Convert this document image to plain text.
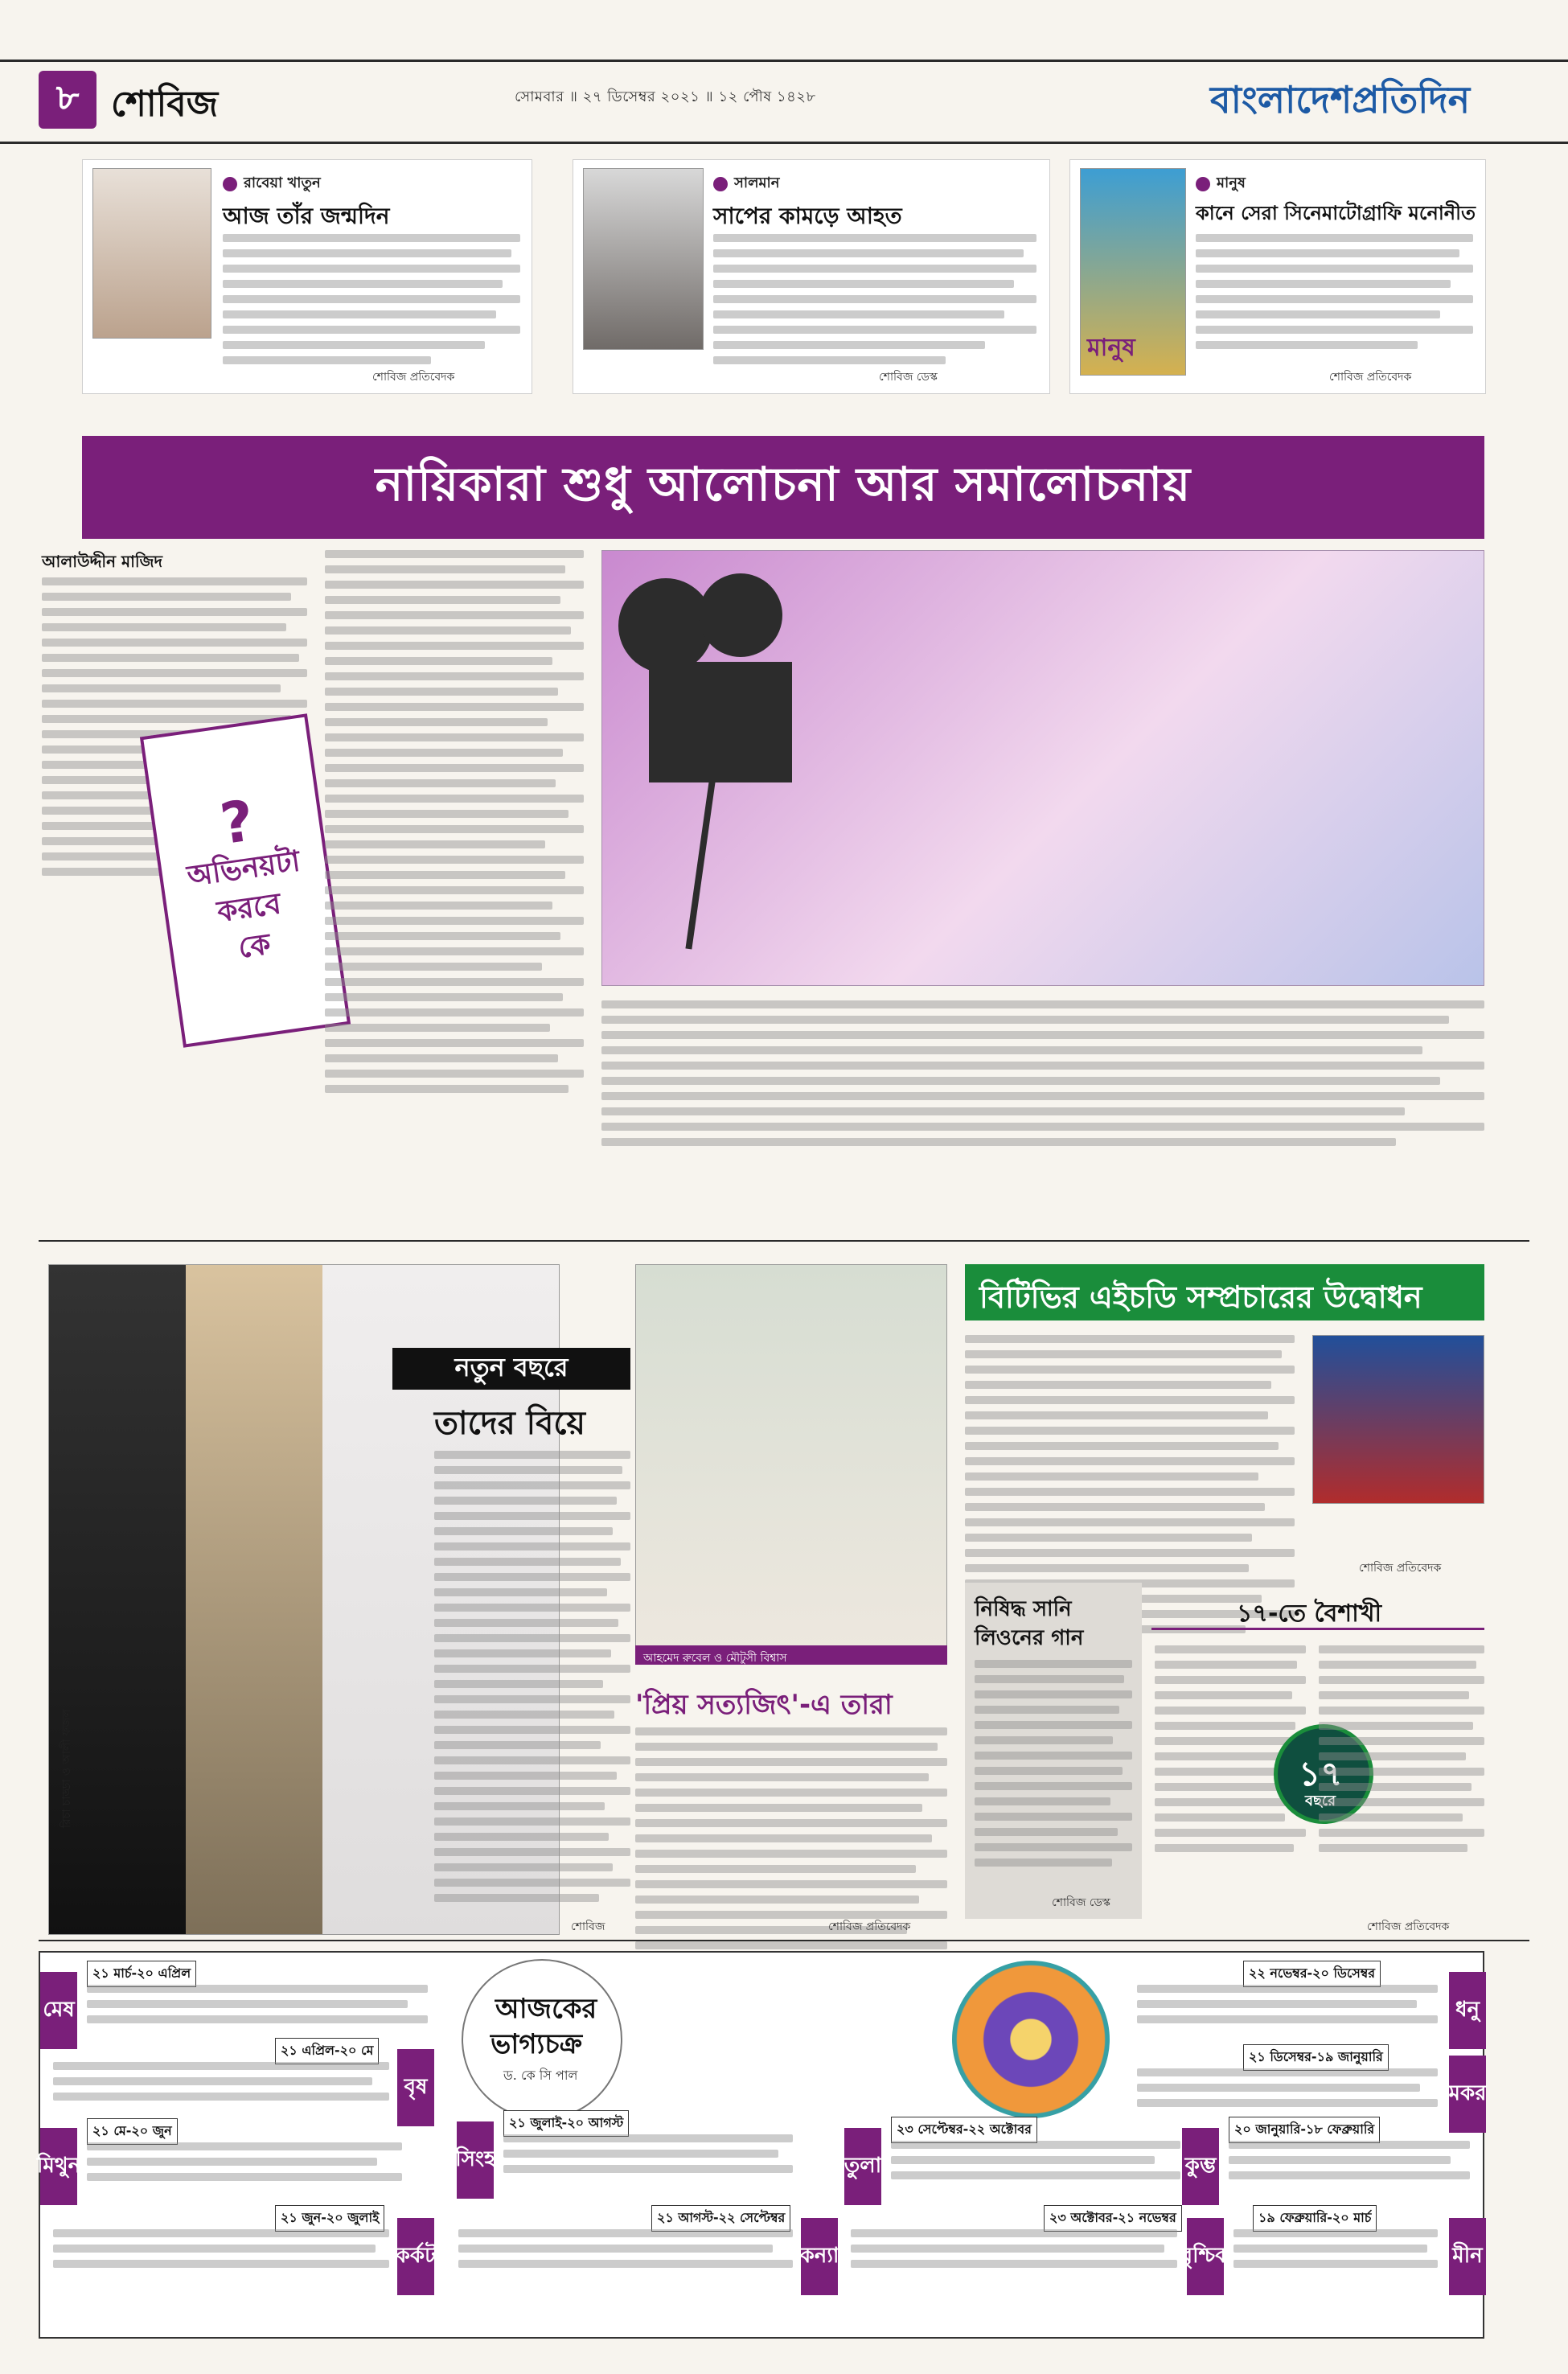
৮ শোবিজ	সোমবার ॥ ২৭ ডিসেম্বর ২০২১ ॥ ১২ পৌষ ১৪২৮	বাংলাদেশপ্রতিদিন
রাবেয়া খাতুন
আজ তাঁর জন্মদিন
শোবিজ প্রতিবেদক
সালমান
সাপের কামড়ে আহত
শোবিজ ডেস্ক
মানুষ
মানুষ
কানে সেরা সিনেমাটোগ্রাফি মনোনীত
শোবিজ প্রতিবেদক
নায়িকারা শুধু আলোচনা আর সমালোচনায়
আলাউদ্দীন মাজিদ
?
অভিনয়টা
করবে
কে
রিচা চাড্ডা ও আলী ফজল
নতুন বছরে
তাদের বিয়ে
শোবিজ
আহমেদ রুবেল ও মৌটুসী বিশ্বাস
'প্রিয় সত্যজিৎ'-এ তারা
শোবিজ প্রতিবেদক
বিটিভির এইচডি সম্প্রচারের উদ্বোধন
শোবিজ প্রতিবেদক
নিষিদ্ধ সানি
লিওনের গান
শোবিজ ডেস্ক
১৭-তে বৈশাখী
১৭
বছরে
শোবিজ প্রতিবেদক
আজকের
ভাগ্যচক্র
ড. কে সি পাল
মেষ
২১ মার্চ-২০ এপ্রিল
বৃষ
২১ এপ্রিল-২০ মে
মিথুন
২১ মে-২০ জুন
কর্কট
২১ জুন-২০ জুলাই
সিংহ
২১ জুলাই-২০ আগস্ট
কন্যা
২১ আগস্ট-২২ সেপ্টেম্বর
তুলা
২৩ সেপ্টেম্বর-২২ অক্টোবর
বৃশ্চিক
২৩ অক্টোবর-২১ নভেম্বর
ধনু
২২ নভেম্বর-২০ ডিসেম্বর
মকর
২১ ডিসেম্বর-১৯ জানুয়ারি
কুম্ভ
২০ জানুয়ারি-১৮ ফেব্রুয়ারি
মীন
১৯ ফেব্রুয়ারি-২০ মার্চ
